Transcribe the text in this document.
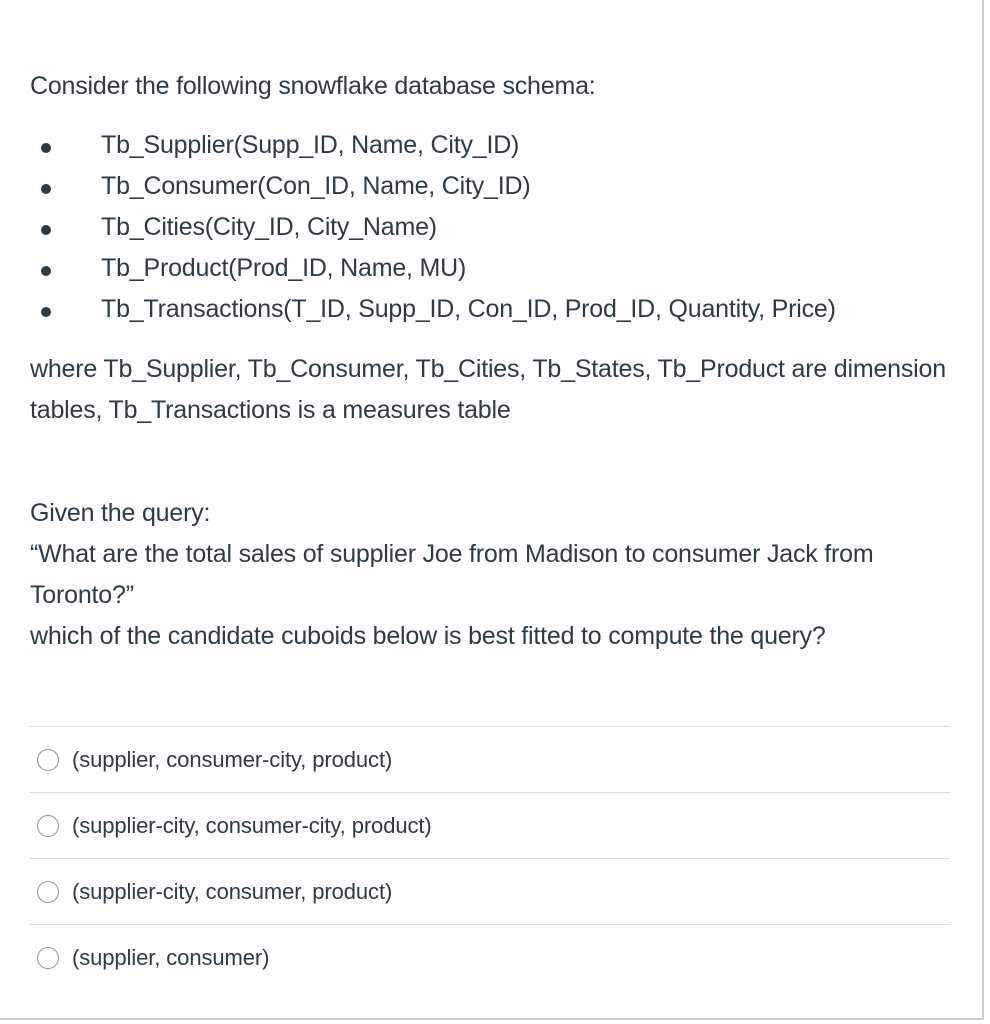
Consider the following snowflake database schema:

Tb_Supplier(Supp_ID, Name, City_ID)
Tb_Consumer(Con_ID, Name, City_ID)
Tb_Cities(City_ID, City_Name)
Tb_Product(Prod_ID, Name, MU)
Tb_Transactions(T_ID, Supp_ID, Con_ID, Prod_ID, Quantity, Price)

where Tb_Supplier, Tb_Consumer, Tb_Cities, Tb_States, Tb_Product are dimension tables, Tb_Transactions is a measures table

Given the query:

“What are the total sales of supplier Joe from Madison to consumer Jack from Toronto?”

which of the candidate cuboids below is best fitted to compute the query?

(supplier, consumer-city, product)
(supplier-city, consumer-city, product)
(supplier-city, consumer, product)
(supplier, consumer)
